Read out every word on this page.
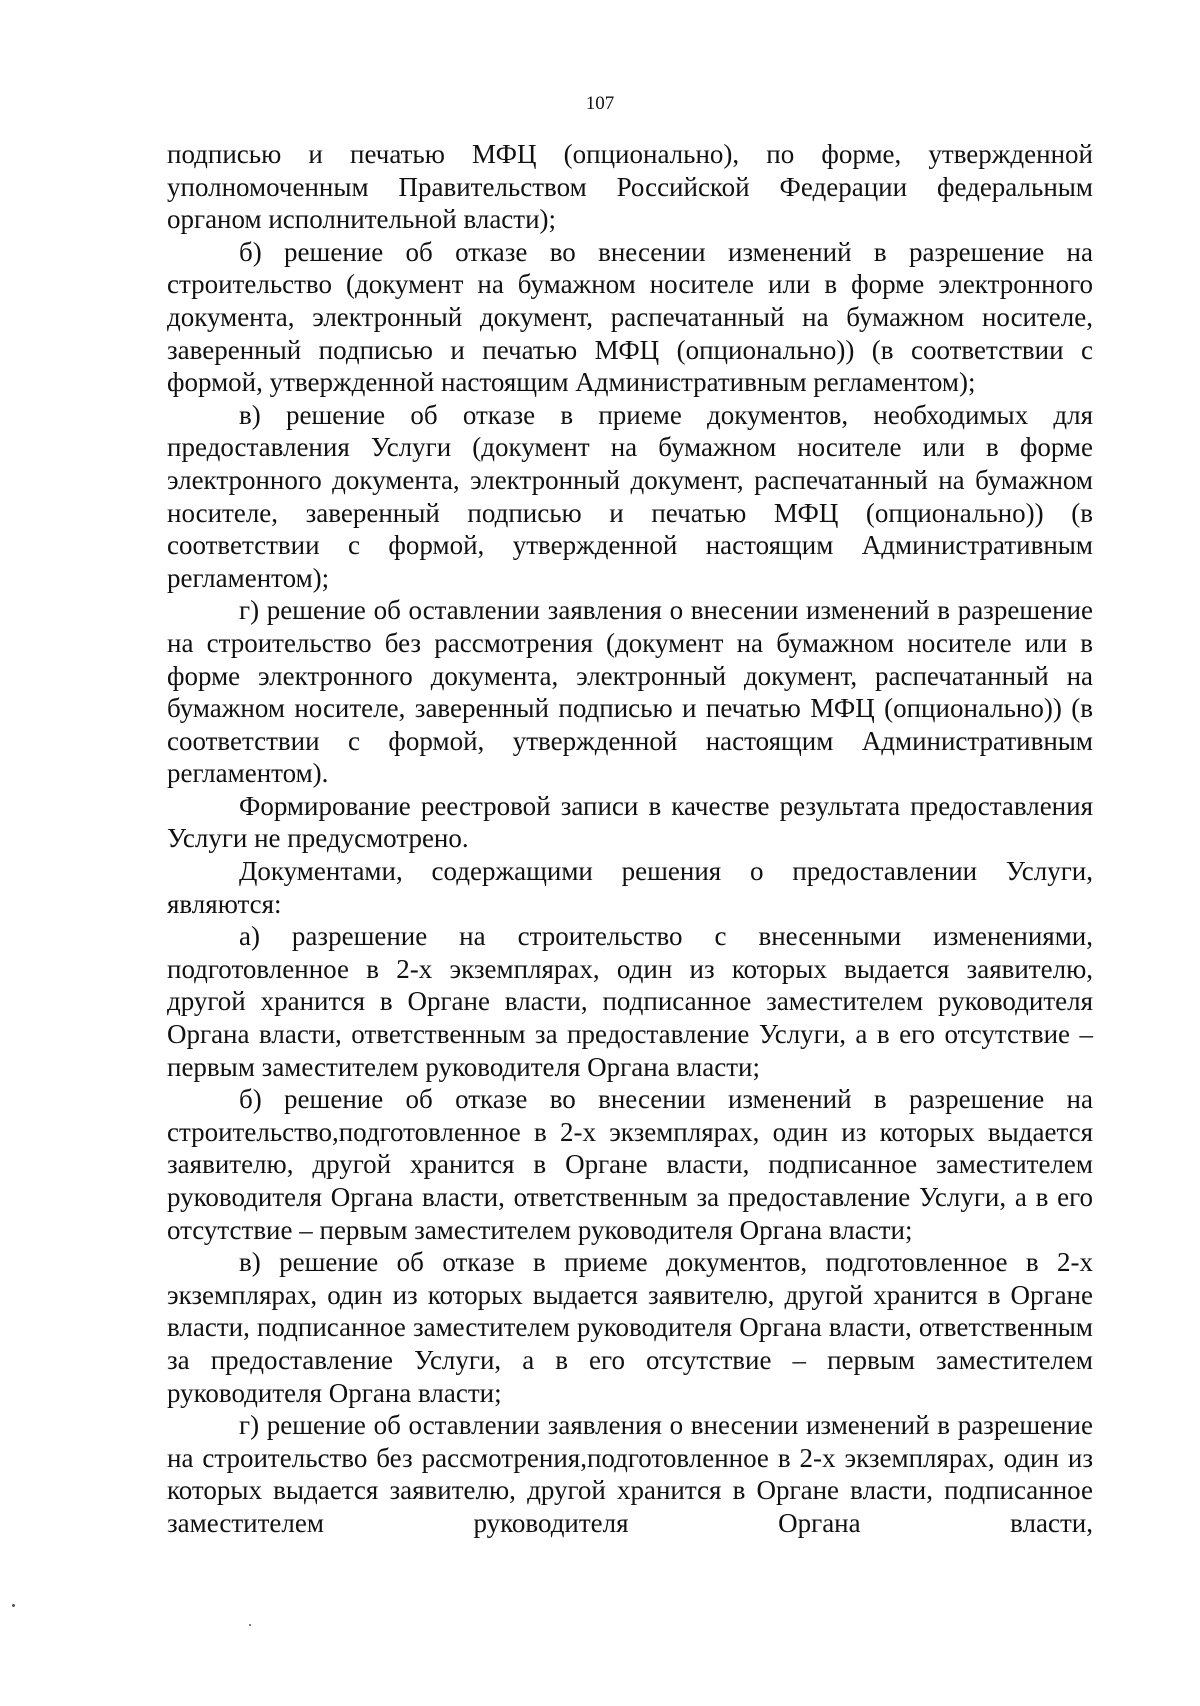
107

подписью и печатью МФЦ (опционально), по форме, утвержденной уполномоченным Правительством Российской Федерации федеральным органом исполнительной власти);

б) решение об отказе во внесении изменений в разрешение на строительство (документ на бумажном носителе или в форме электронного документа, электронный документ, распечатанный на бумажном носителе, заверенный подписью и печатью МФЦ (опционально)) (в соответствии с формой, утвержденной настоящим Административным регламентом);

в) решение об отказе в приеме документов, необходимых для предоставления Услуги (документ на бумажном носителе или в форме электронного документа, электронный документ, распечатанный на бумажном носителе, заверенный подписью и печатью МФЦ (опционально)) (в соответствии с формой, утвержденной настоящим Административным регламентом);

г) решение об оставлении заявления о внесении изменений в разрешение на строительство без рассмотрения (документ на бумажном носителе или в форме электронного документа, электронный документ, распечатанный на бумажном носителе, заверенный подписью и печатью МФЦ (опционально)) (в соответствии с формой, утвержденной настоящим Административным регламентом).

Формирование реестровой записи в качестве результата предоставления Услуги не предусмотрено.

Документами, содержащими решения о предоставлении Услуги, являются:

а) разрешение на строительство с внесенными изменениями, подготовленное в 2-х экземплярах, один из которых выдается заявителю, другой хранится в Органе власти, подписанное заместителем руководителя Органа власти, ответственным за предоставление Услуги, а в его отсутствие – первым заместителем руководителя Органа власти;

б) решение об отказе во внесении изменений в разрешение на строительство,подготовленное в 2-х экземплярах, один из которых выдается заявителю, другой хранится в Органе власти, подписанное заместителем руководителя Органа власти, ответственным за предоставление Услуги, а в его отсутствие – первым заместителем руководителя Органа власти;

в) решение об отказе в приеме документов, подготовленное в 2-х экземплярах, один из которых выдается заявителю, другой хранится в Органе власти, подписанное заместителем руководителя Органа власти, ответственным за предоставление Услуги, а в его отсутствие – первым заместителем руководителя Органа власти;

г) решение об оставлении заявления о внесении изменений в разрешение на строительство без рассмотрения,подготовленное в 2-х экземплярах, один из которых выдается заявителю, другой хранится в Органе власти, подписанное заместителем руководителя Органа власти,
